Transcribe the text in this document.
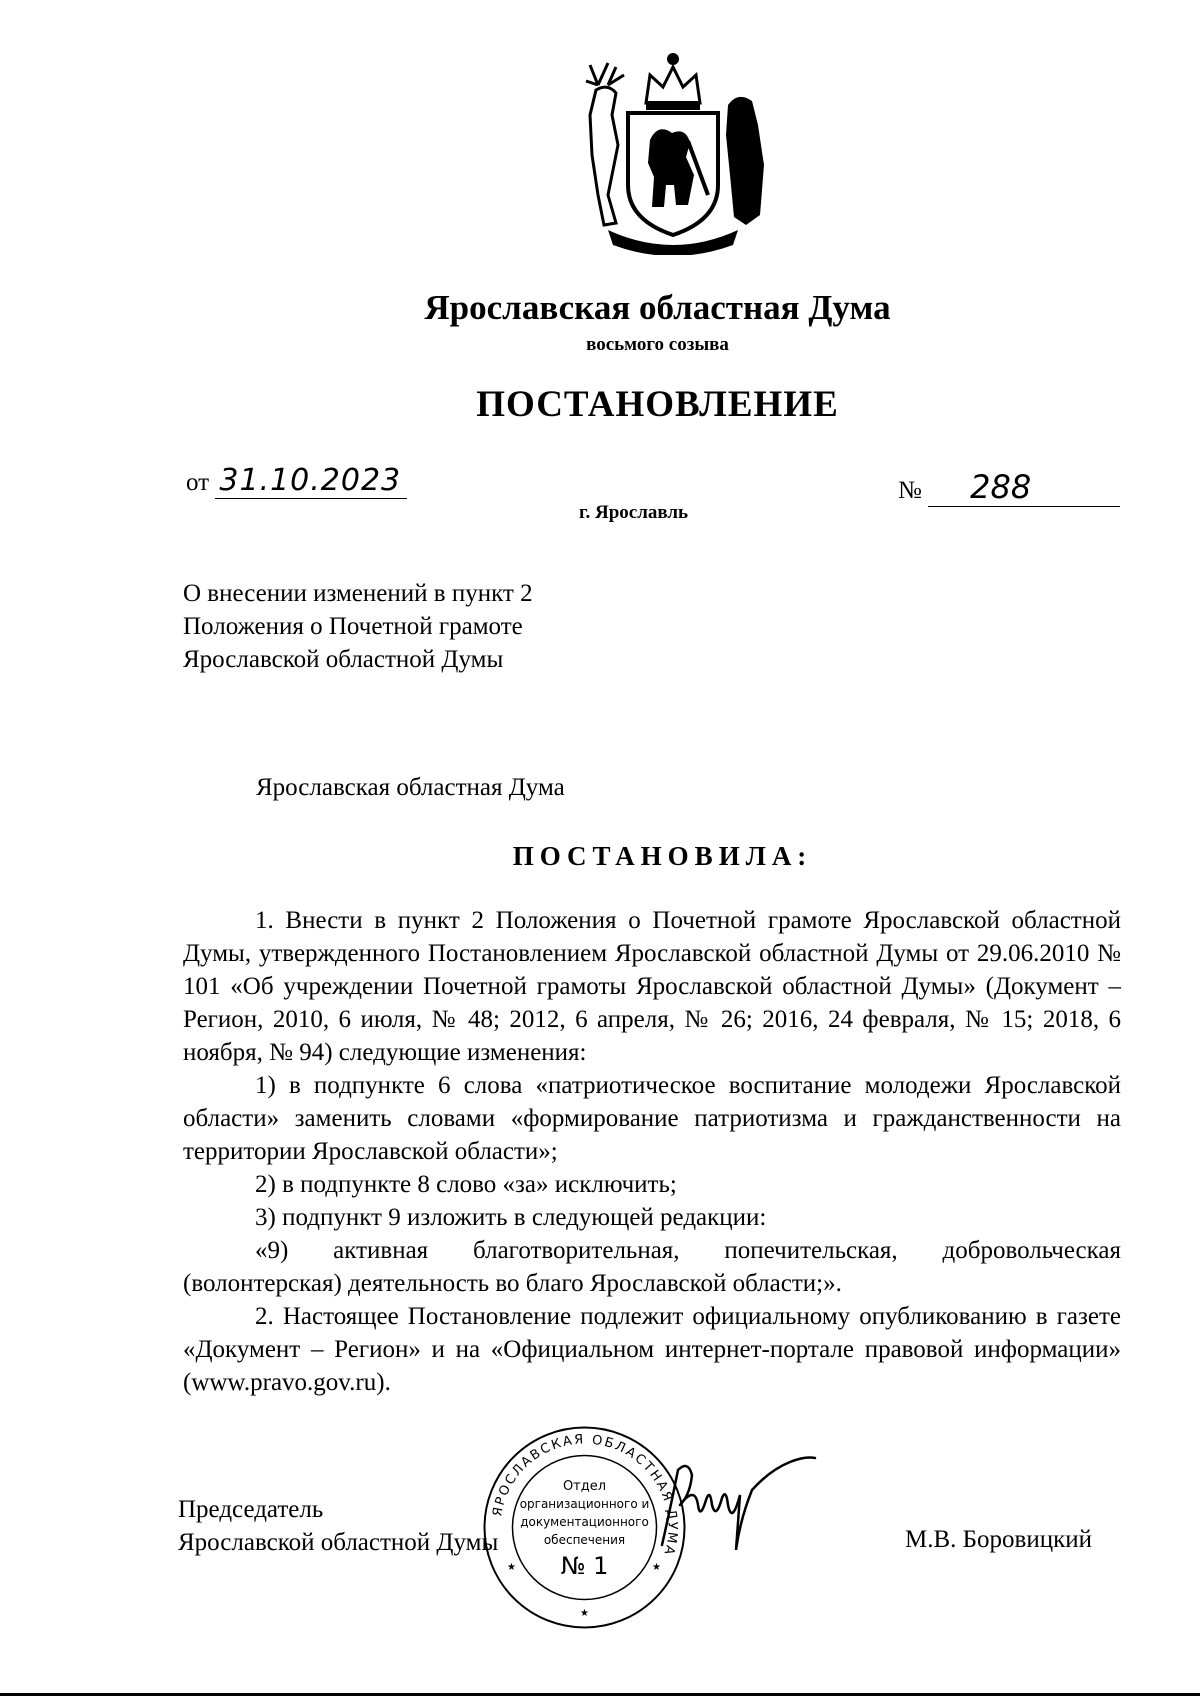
Ярославская областная Дума
восьмого созыва
ПОСТАНОВЛЕНИЕ
от 31.10.2023	№ 288
г. Ярославль
О внесении изменений в пункт 2
Положения о Почетной грамоте
Ярославской областной Думы
Ярославская областная Дума
ПОСТАНОВИЛА:

1. Внести в пункт 2 Положения о Почетной грамоте Ярославской областной Думы, утвержденного Постановлением Ярославской областной Думы от 29.06.2010 № 101 «Об учреждении Почетной грамоты Ярославской областной Думы» (Документ – Регион, 2010, 6 июля, № 48; 2012, 6 апреля, № 26; 2016, 24 февраля, № 15; 2018, 6 ноября, № 94) следующие изменения:

1) в подпункте 6 слова «патриотическое воспитание молодежи Ярославской области» заменить словами «формирование патриотизма и гражданственности на территории Ярославской области»;

2) в подпункте 8 слово «за» исключить;

3) подпункт 9 изложить в следующей редакции:

«9) активная благотворительная, попечительская, добровольческая (волонтерская) деятельность во благо Ярославской области;».

2. Настоящее Постановление подлежит официальному опубликованию в газете «Документ – Регион» и на «Официальном интернет-портале правовой информации» (www.pravo.gov.ru).

Председатель
Ярославской областной Думы
ЯРОСЛАВСКАЯ ОБЛАСТНАЯ ДУМА
Отдел
организационного и
документационного
обеспечения
№ 1
★	★
★
М.В. Боровицкий
